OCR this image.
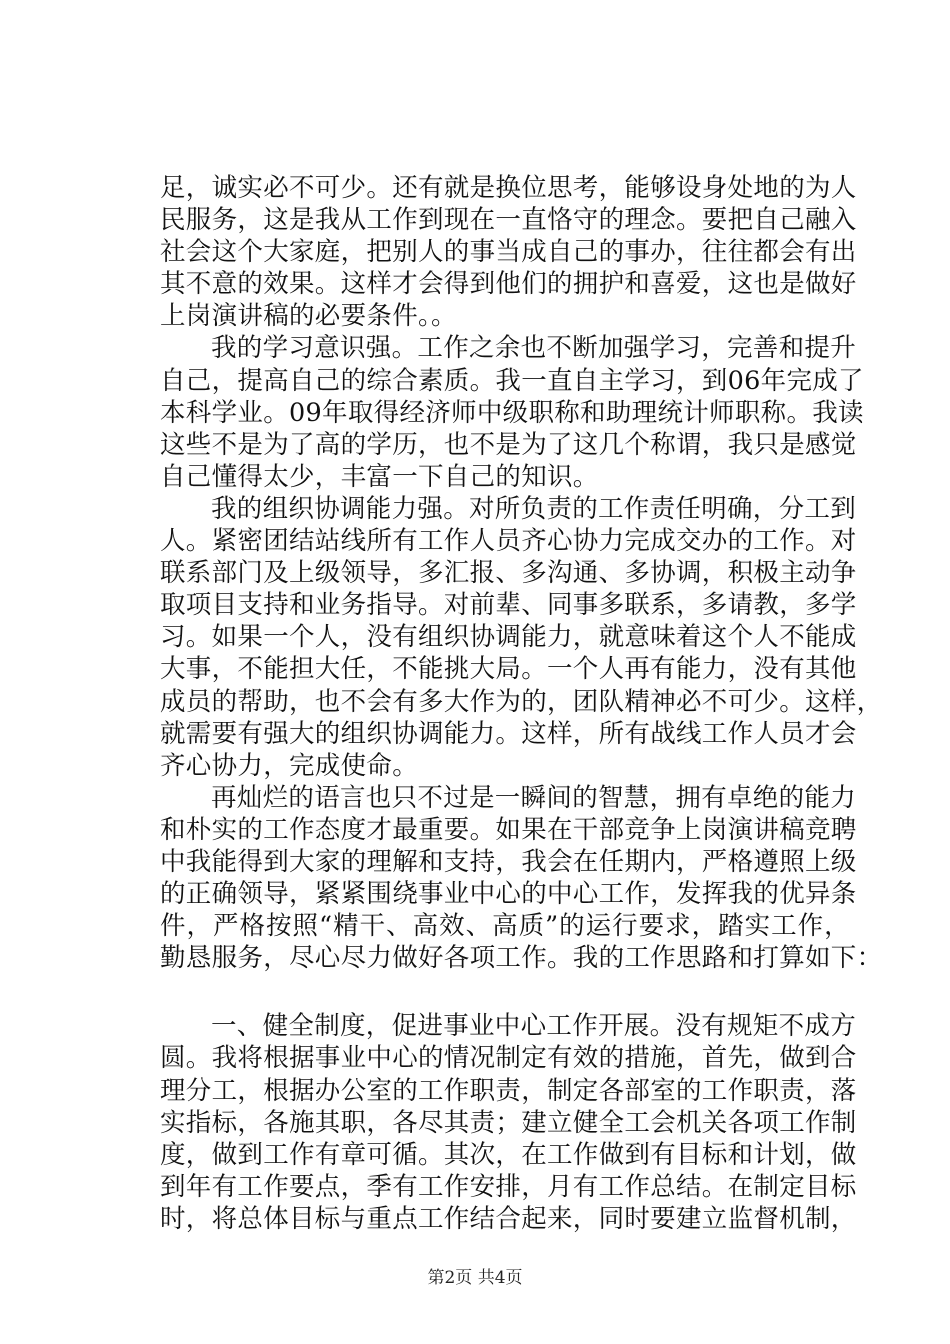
足，诚实必不可少。还有就是换位思考，能够设身处地的为人
民服务，这是我从工作到现在一直恪守的理念。要把自己融入
社会这个大家庭，把别人的事当成自己的事办，往往都会有出
其不意的效果。这样才会得到他们的拥护和喜爱，这也是做好
上岗演讲稿的必要条件。。
我的学习意识强。工作之余也不断加强学习，完善和提升
自己，提高自己的综合素质。我一直自主学习，到06年完成了
本科学业。09年取得经济师中级职称和助理统计师职称。我读
这些不是为了高的学历，也不是为了这几个称谓，我只是感觉
自己懂得太少，丰富一下自己的知识。
我的组织协调能力强。对所负责的工作责任明确，分工到
人。紧密团结站线所有工作人员齐心协力完成交办的工作。对
联系部门及上级领导，多汇报、多沟通、多协调，积极主动争
取项目支持和业务指导。对前辈、同事多联系，多请教，多学
习。如果一个人，没有组织协调能力，就意味着这个人不能成
大事，不能担大任，不能挑大局。一个人再有能力，没有其他
成员的帮助，也不会有多大作为的，团队精神必不可少。这样，
就需要有强大的组织协调能力。这样，所有战线工作人员才会
齐心协力，完成使命。
再灿烂的语言也只不过是一瞬间的智慧，拥有卓绝的能力
和朴实的工作态度才最重要。如果在干部竞争上岗演讲稿竞聘
中我能得到大家的理解和支持，我会在任期内，严格遵照上级
的正确领导，紧紧围绕事业中心的中心工作，发挥我的优异条
件，严格按照“精干、高效、高质”的运行要求，踏实工作，
勤恳服务，尽心尽力做好各项工作。我的工作思路和打算如下：
一、健全制度，促进事业中心工作开展。没有规矩不成方
圆。我将根据事业中心的情况制定有效的措施，首先，做到合
理分工，根据办公室的工作职责，制定各部室的工作职责，落
实指标，各施其职，各尽其责；建立健全工会机关各项工作制
度，做到工作有章可循。其次，在工作做到有目标和计划，做
到年有工作要点，季有工作安排，月有工作总结。在制定目标
时，将总体目标与重点工作结合起来，同时要建立监督机制，
第2页 共4页
